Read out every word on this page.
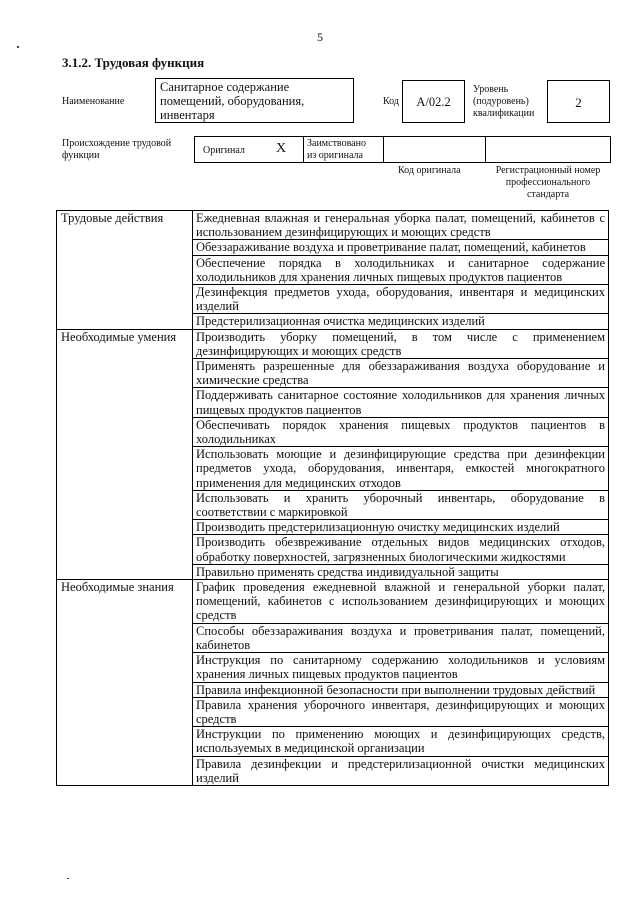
5
3.1.2. Трудовая функция
Наименование
Санитарное содержание помещений, оборудования, инвентаря
Код	А/02.2
Уровень
(подуровень)
квалификации
2
Происхождение трудовой
функции	Оригинал X Заимствовано
из оригинала
Код оригинала	Регистрационный номер
профессионального
стандарта
Трудовые действия	Ежедневная влажная и генеральная уборка палат, помещений, кабинетов с использованием дезинфицирующих и моющих средств
	Обеззараживание воздуха и проветривание палат, помещений, кабинетов
	Обеспечение порядка в холодильниках и санитарное содержание холодильников для хранения личных пищевых продуктов пациентов
	Дезинфекция предметов ухода, оборудования, инвентаря и медицинских изделий
	Предстерилизационная очистка медицинских изделий
Необходимые умения	Производить уборку помещений, в том числе с применением дезинфицирующих и моющих средств
	Применять разрешенные для обеззараживания воздуха оборудование и химические средства
	Поддерживать санитарное состояние холодильников для хранения личных пищевых продуктов пациентов
	Обеспечивать порядок хранения пищевых продуктов пациентов в холодильниках
	Использовать моющие и дезинфицирующие средства при дезинфекции предметов ухода, оборудования, инвентаря, емкостей многократного применения для медицинских отходов
	Использовать и хранить уборочный инвентарь, оборудование в соответствии с маркировкой
	Производить предстерилизационную очистку медицинских изделий
	Производить обезвреживание отдельных видов медицинских отходов, обработку поверхностей, загрязненных биологическими жидкостями
	Правильно применять средства индивидуальной защиты
Необходимые знания	График проведения ежедневной влажной и генеральной уборки палат, помещений, кабинетов с использованием дезинфицирующих и моющих средств
	Способы обеззараживания воздуха и проветривания палат, помещений, кабинетов
	Инструкция по санитарному содержанию холодильников и условиям хранения личных пищевых продуктов пациентов
	Правила инфекционной безопасности при выполнении трудовых действий
	Правила хранения уборочного инвентаря, дезинфицирующих и моющих средств
	Инструкции по применению моющих и дезинфицирующих средств, используемых в медицинской организации
	Правила дезинфекции и предстерилизационной очистки медицинских изделий
